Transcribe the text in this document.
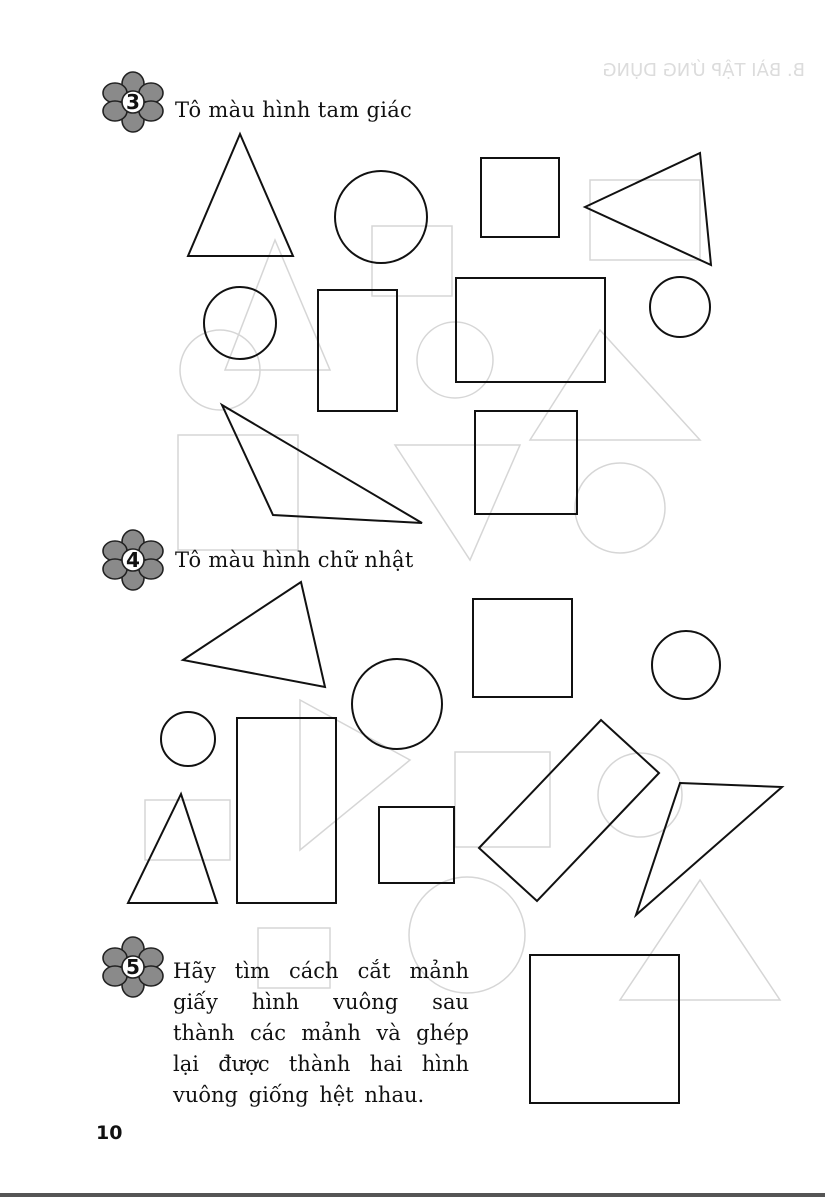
B. BÀI TẬP ỨNG DỤNG
3	Tô màu hình tam giác
4	Tô màu hình chữ nhật
5	Hãy tìm cách cắt mảnh giấy hình vuông sau thành các mảnh và ghép lại được thành hai hình vuông giống hệt nhau.
10
